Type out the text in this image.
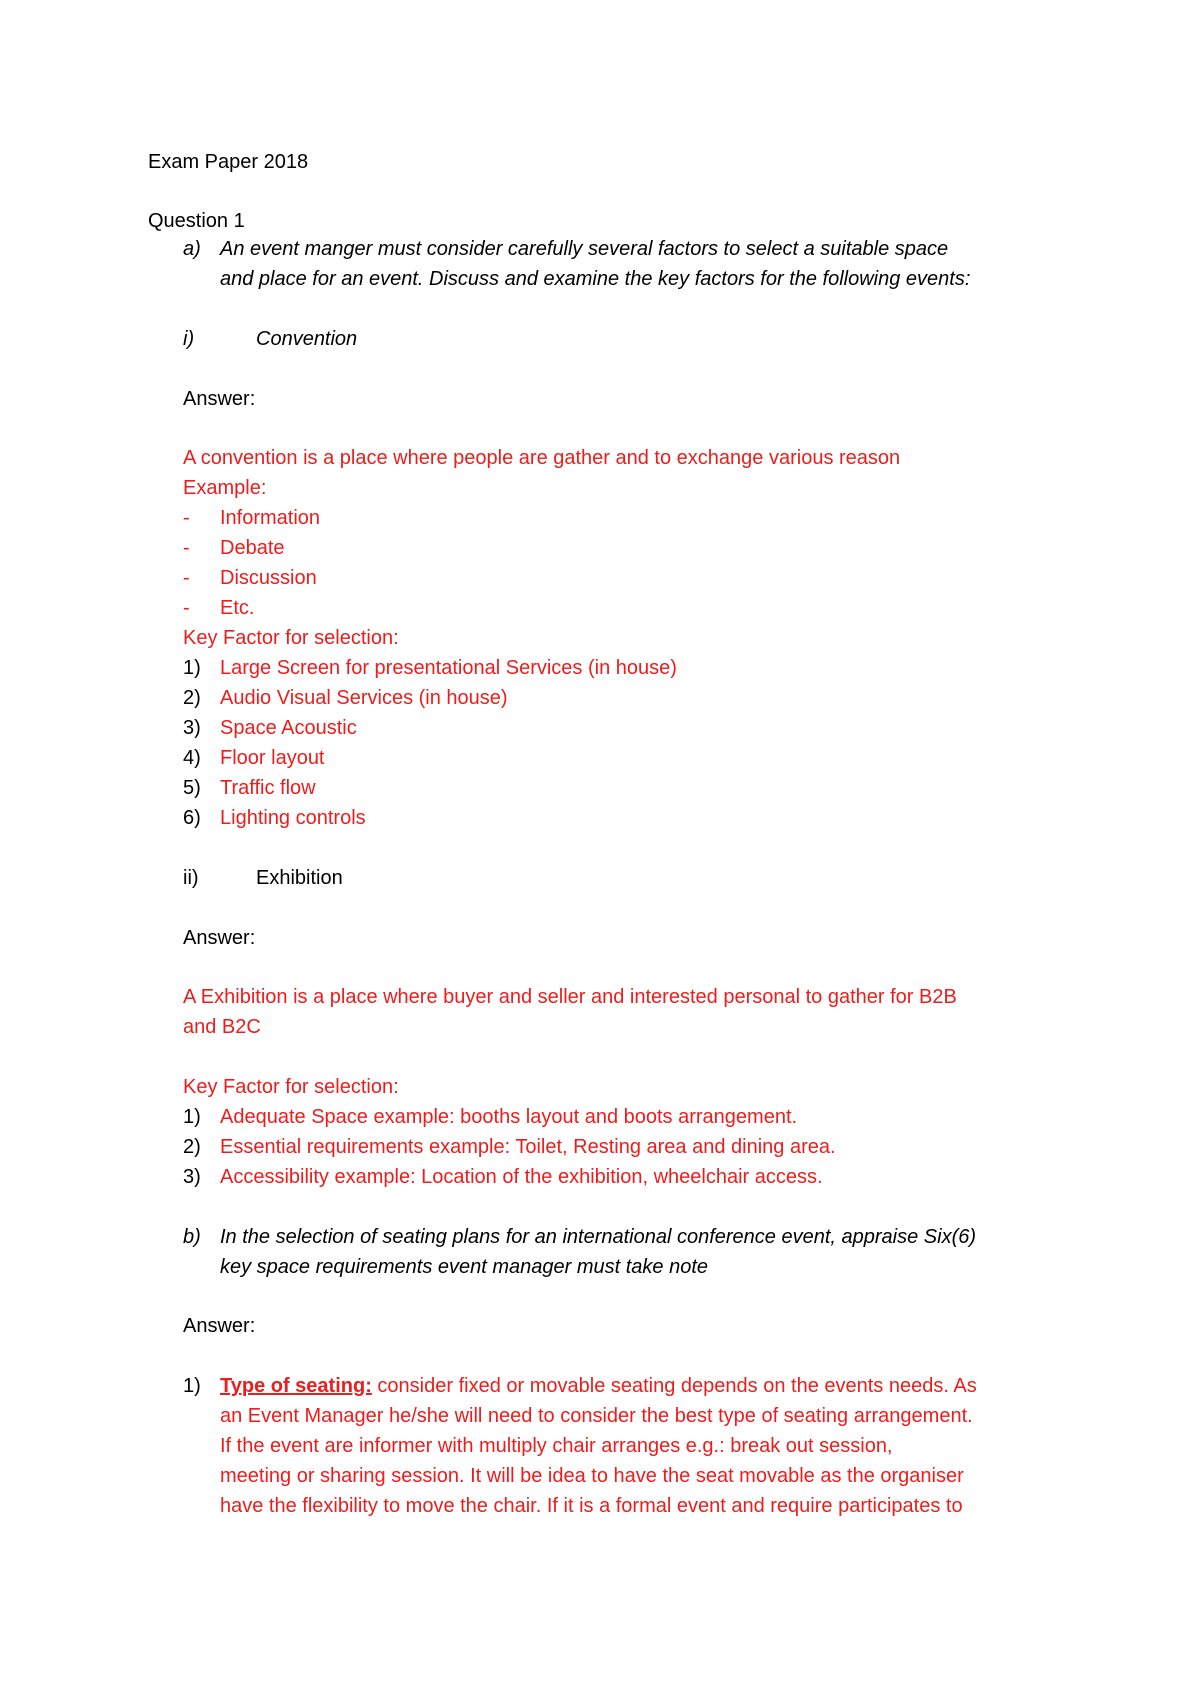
Exam Paper 2018
Question 1
a) An event manger must consider carefully several factors to select a suitable space
and place for an event. Discuss and examine the key factors for the following events:
i)	Convention
Answer:
A convention is a place where people are gather and to exchange various reason
Example:
- Information
- Debate
- Discussion
- Etc.
Key Factor for selection:
1) Large Screen for presentational Services (in house)
2) Audio Visual Services (in house)
3) Space Acoustic
4) Floor layout
5) Traffic flow
6) Lighting controls
ii)	Exhibition
Answer:
A Exhibition is a place where buyer and seller and interested personal to gather for B2B
and B2C
Key Factor for selection:
1) Adequate Space example: booths layout and boots arrangement.
2) Essential requirements example: Toilet, Resting area and dining area.
3) Accessibility example: Location of the exhibition, wheelchair access.
b) In the selection of seating plans for an international conference event, appraise Six(6)
key space requirements event manager must take note
Answer:
1) Type of seating: consider fixed or movable seating depends on the events needs. As
an Event Manager he/she will need to consider the best type of seating arrangement.
If the event are informer with multiply chair arranges e.g.: break out session,
meeting or sharing session. It will be idea to have the seat movable as the organiser
have the flexibility to move the chair. If it is a formal event and require participates to
